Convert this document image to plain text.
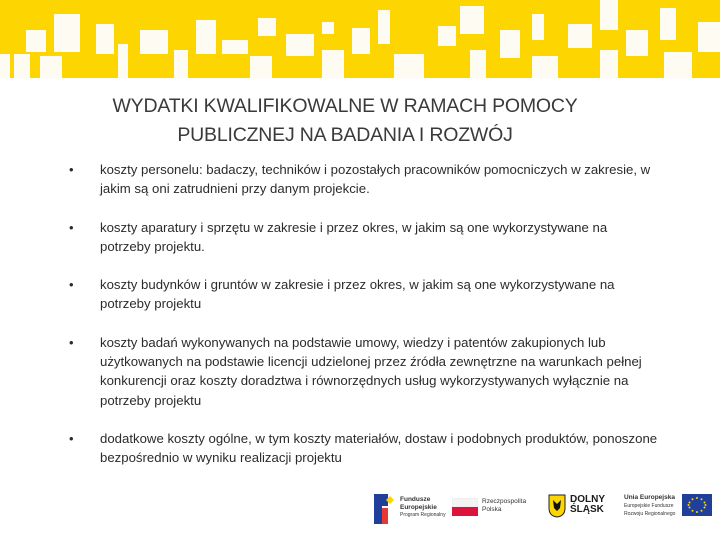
WYDATKI KWALIFIKOWALNE W RAMACH POMOCY
PUBLICZNEJ NA BADANIA I ROZWÓJ
• koszty personelu: badaczy, techników i pozostałych pracowników pomocniczych w zakresie, w jakim są oni zatrudnieni przy danym projekcie.
• koszty aparatury i sprzętu w zakresie i przez okres, w jakim są one wykorzystywane na potrzeby projektu.
• koszty budynków i gruntów w zakresie i przez okres, w jakim są one wykorzystywane na potrzeby projektu
• koszty badań wykonywanych na podstawie umowy, wiedzy i patentów zakupionych lub użytkowanych na podstawie licencji udzielonej przez źródła zewnętrzne na warunkach pełnej konkurencji oraz koszty doradztwa i równorzędnych usług wykorzystywanych wyłącznie na potrzeby projektu
• dodatkowe koszty ogólne, w tym koszty materiałów, dostaw i podobnych produktów, ponoszone bezpośrednio w wyniku realizacji projektu
Fundusze
Europejskie
Program Regionalny
Rzeczpospolita
Polska
DOLNY
ŚLĄSK
Unia Europejska
Europejskie Fundusze
Rozwoju Regionalnego
